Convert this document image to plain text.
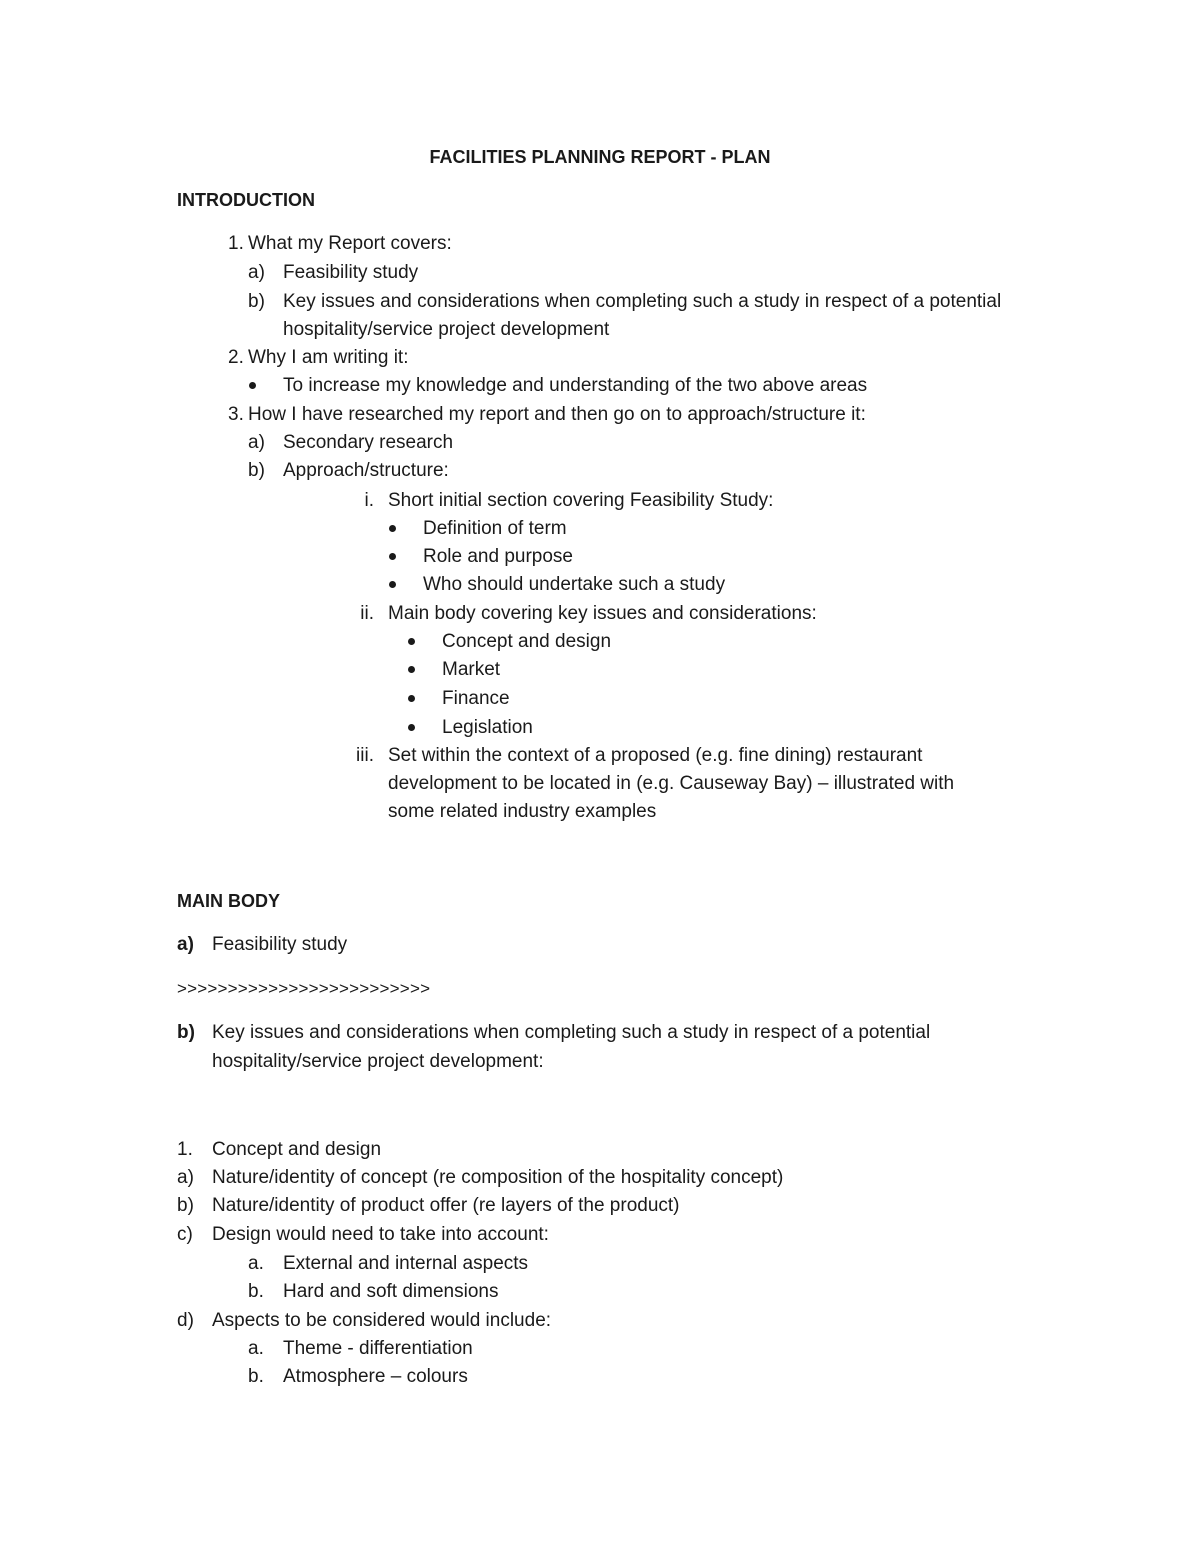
FACILITIES PLANNING REPORT - PLAN
INTRODUCTION
1. What my Report covers:
a) Feasibility study
b) Key issues and considerations when completing such a study in respect of a potential
hospitality/service project development
2. Why I am writing it:
To increase my knowledge and understanding of the two above areas
3. How I have researched my report and then go on to approach/structure it:
a) Secondary research
b) Approach/structure:
i. Short initial section covering Feasibility Study:
Definition of term
Role and purpose
Who should undertake such a study
ii. Main body covering key issues and considerations:
Concept and design
Market
Finance
Legislation
iii. Set within the context of a proposed (e.g. fine dining) restaurant
development to be located in (e.g. Causeway Bay) – illustrated with
some related industry examples
MAIN BODY
a) Feasibility study
>>>>>>>>>>>>>>>>>>>>>>>>>
b) Key issues and considerations when completing such a study in respect of a potential
hospitality/service project development:
1. Concept and design
a) Nature/identity of concept (re composition of the hospitality concept)
b) Nature/identity of product offer (re layers of the product)
c) Design would need to take into account:
a. External and internal aspects
b. Hard and soft dimensions
d) Aspects to be considered would include:
a. Theme - differentiation
b. Atmosphere – colours
